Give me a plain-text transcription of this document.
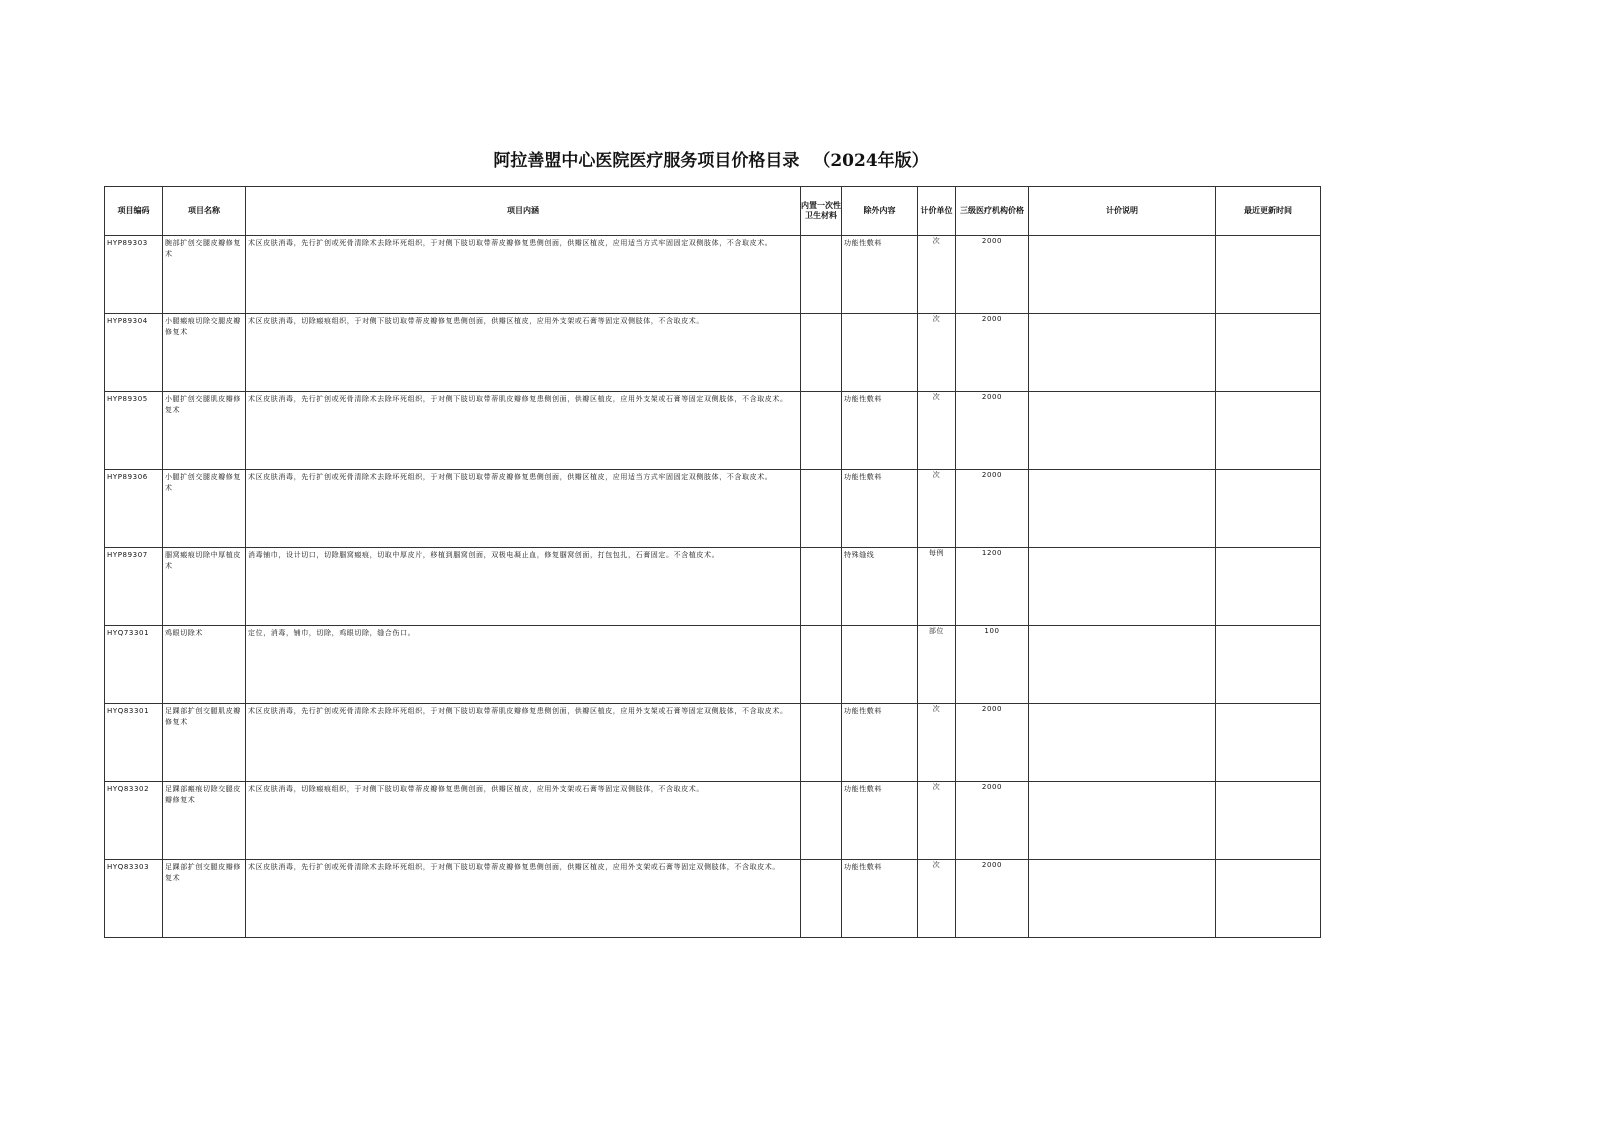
阿拉善盟中心医院医疗服务项目价格目录 （2024年版）
项目编码	项目名称	项目内涵	内置一次性卫生材料	除外内容	计价单位	三级医疗机构价格	计价说明	最近更新时间

HYP89303	腕部扩创交腿皮瓣修复术	术区皮肤消毒，先行扩创或死骨清除术去除坏死组织，于对侧下肢切取带蒂皮瓣修复患侧创面，供瓣区植皮，应用适当方式牢固固定双侧肢体，不含取皮术。		功能性敷料	次	2000	

HYP89304	小腿瘢痕切除交腿皮瓣修复术	术区皮肤消毒，切除瘢痕组织，于对侧下肢切取带蒂皮瓣修复患侧创面，供瓣区植皮，应用外支架或石膏等固定双侧肢体，不含取皮术。			次	2000	

HYP89305	小腿扩创交腿肌皮瓣修复术	术区皮肤消毒，先行扩创或死骨清除术去除坏死组织，于对侧下肢切取带蒂肌皮瓣修复患侧创面，供瓣区植皮，应用外支架或石膏等固定双侧肢体，不含取皮术。		功能性敷料	次	2000	

HYP89306	小腿扩创交腿皮瓣修复术	术区皮肤消毒，先行扩创或死骨清除术去除坏死组织，于对侧下肢切取带蒂皮瓣修复患侧创面，供瓣区植皮，应用适当方式牢固固定双侧肢体，不含取皮术。		功能性敷料	次	2000	

HYP89307	腘窝瘢痕切除中厚植皮术	消毒铺巾，设计切口，切除腘窝瘢痕，切取中厚皮片，移植到腘窝创面，双极电凝止血，修复腘窝创面，打包包扎，石膏固定。不含植皮术。		特殊缝线	每例	1200	

HYQ73301	鸡眼切除术	定位，消毒，铺巾，切除，鸡眼切除，缝合伤口。			部位	100	

HYQ83301	足踝部扩创交腿肌皮瓣修复术	术区皮肤消毒，先行扩创或死骨清除术去除坏死组织，于对侧下肢切取带蒂肌皮瓣修复患侧创面，供瓣区植皮，应用外支架或石膏等固定双侧肢体，不含取皮术。		功能性敷料	次	2000	

HYQ83302	足踝部瘢痕切除交腿皮瓣修复术	术区皮肤消毒，切除瘢痕组织，于对侧下肢切取带蒂皮瓣修复患侧创面，供瓣区植皮，应用外支架或石膏等固定双侧肢体，不含取皮术。		功能性敷料	次	2000	

HYQ83303	足踝部扩创交腿皮瓣修复术	术区皮肤消毒，先行扩创或死骨清除术去除坏死组织，于对侧下肢切取带蒂皮瓣修复患侧创面，供瓣区植皮，应用外支架或石膏等固定双侧肢体，不含取皮术。		功能性敷料	次	2000	
